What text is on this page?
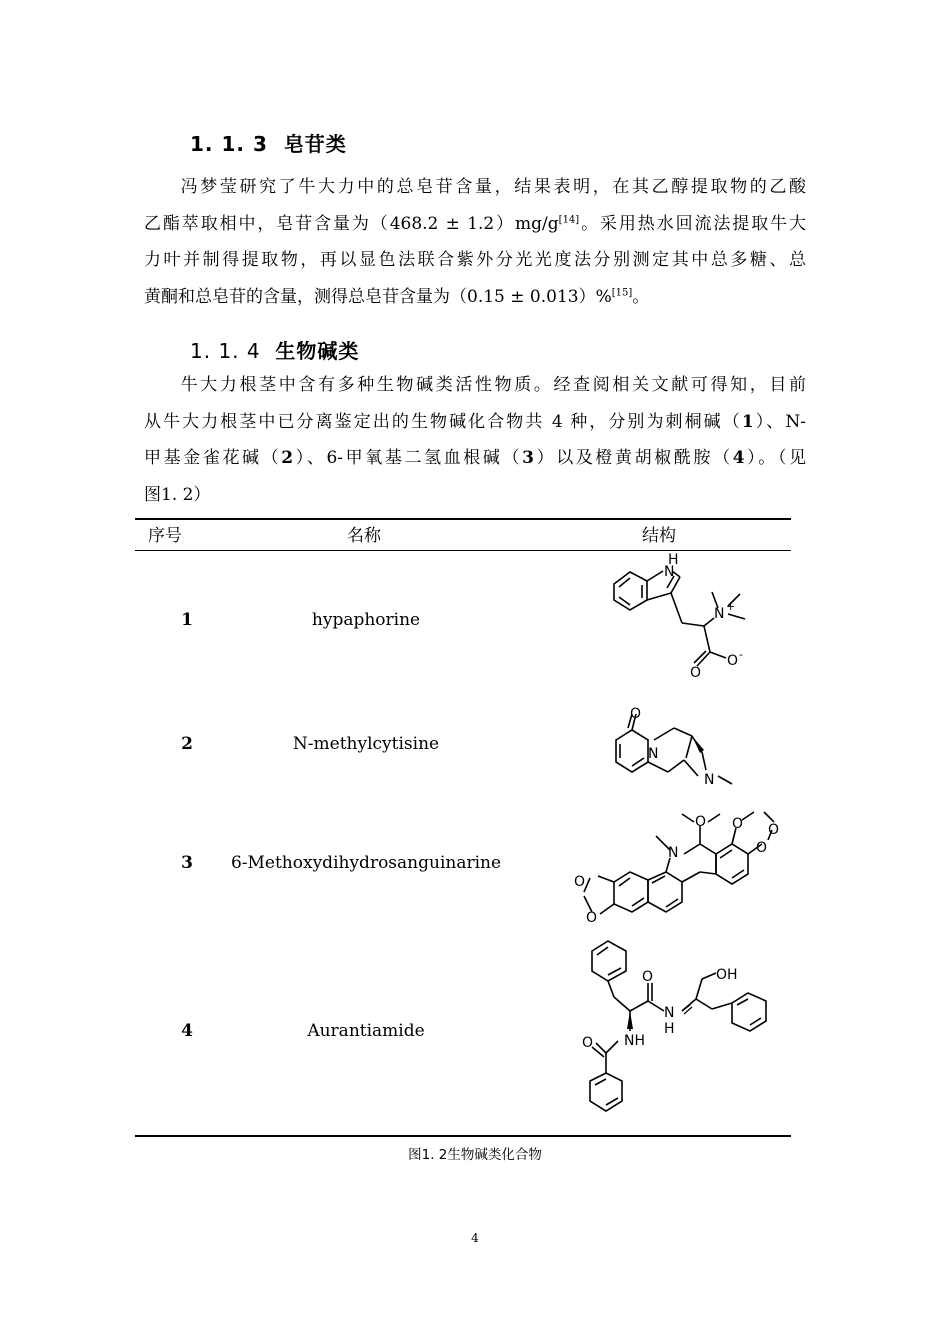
1. 1. 3 皂苷类
  冯梦莹研究了牛大力中的总皂苷含量，结果表明，在其乙醇提取物的乙酸
乙酯萃取相中，皂苷含量为（468.2 ± 1.2）mg/g[14]。采用热水回流法提取牛大
力叶并制得提取物，再以显色法联合紫外分光光度法分别测定其中总多糖、总
黄酮和总皂苷的含量，测得总皂苷含量为（0.15 ± 0.013）%[15]。
1. 1. 4 生物碱类
  牛大力根茎中含有多种生物碱类活性物质。经查阅相关文献可得知，目前
从牛大力根茎中已分离鉴定出的生物碱化合物共 4 种，分别为刺桐碱（1）、N-
甲基金雀花碱（2）、6-甲氧基二氢血根碱（3）以及橙黄胡椒酰胺（4）。（见
图1. 2）
序号	名称	结构
1	hypaphorine
H
N
N +
O
O -
2	N-methylcytisine
O
N
N
3 6-Methoxydihydrosanguinarine
O
O
N
O O O
O
4	Aurantiamide
O
N
H
NH
O
OH
图1. 2生物碱类化合物
4
